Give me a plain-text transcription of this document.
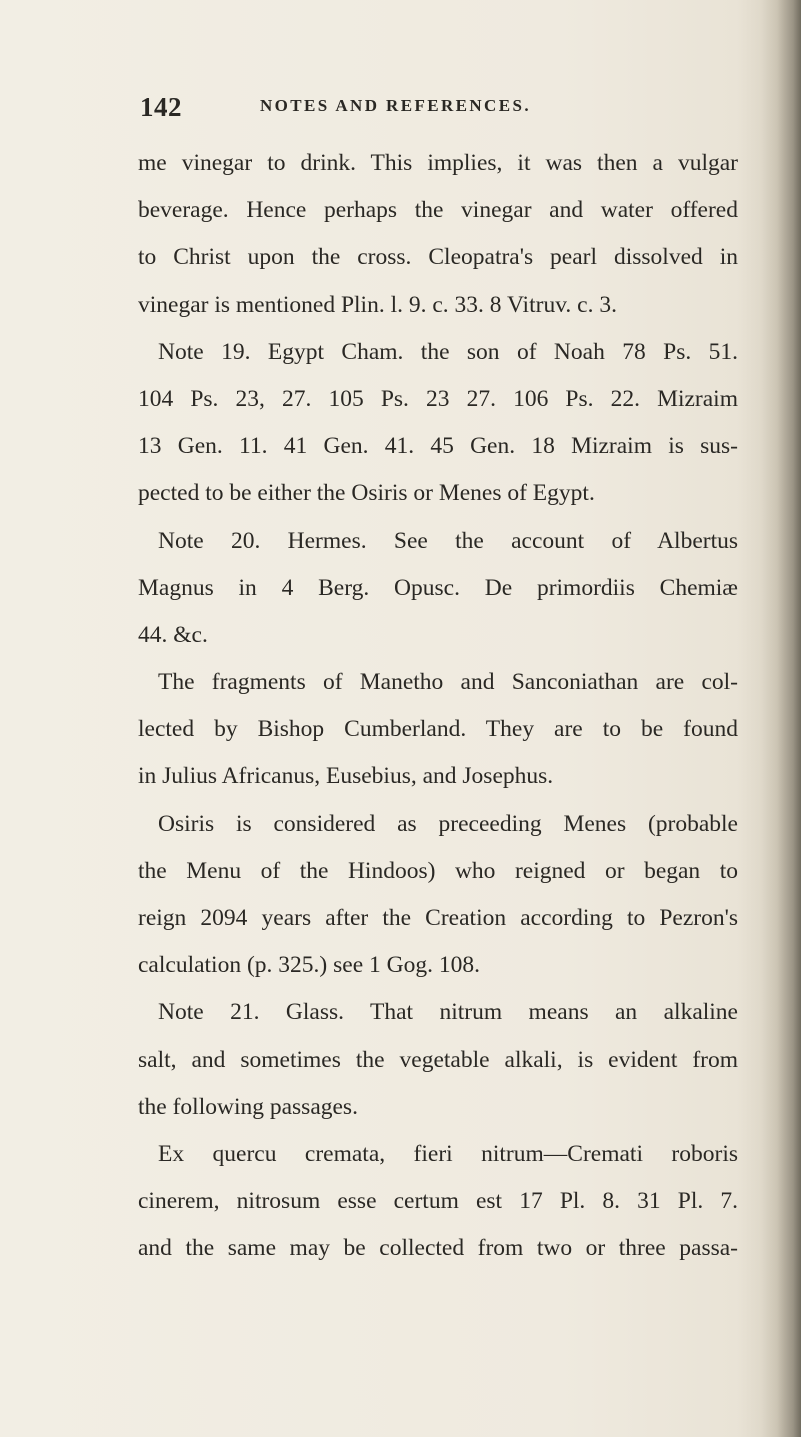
142	NOTES AND REFERENCES.
me vinegar to drink. This implies, it was then a vulgar
beverage. Hence perhaps the vinegar and water offered
to Christ upon the cross. Cleopatra's pearl dissolved in
vinegar is mentioned Plin. l. 9. c. 33. 8 Vitruv. c. 3.
Note 19. Egypt Cham. the son of Noah 78 Ps. 51.
104 Ps. 23, 27. 105 Ps. 23 27. 106 Ps. 22. Mizraim
13 Gen. 11. 41 Gen. 41. 45 Gen. 18 Mizraim is sus-
pected to be either the Osiris or Menes of Egypt.
Note 20. Hermes. See the account of Albertus
Magnus in 4 Berg. Opusc. De primordiis Chemiæ
44. &c.
The fragments of Manetho and Sanconiathan are col-
lected by Bishop Cumberland. They are to be found
in Julius Africanus, Eusebius, and Josephus.
Osiris is considered as preceeding Menes (probable
the Menu of the Hindoos) who reigned or began to
reign 2094 years after the Creation according to Pezron's
calculation (p. 325.) see 1 Gog. 108.
Note 21. Glass. That nitrum means an alkaline
salt, and sometimes the vegetable alkali, is evident from
the following passages.
Ex quercu cremata, fieri nitrum—Cremati roboris
cinerem, nitrosum esse certum est 17 Pl. 8. 31 Pl. 7.
and the same may be collected from two or three passa-
